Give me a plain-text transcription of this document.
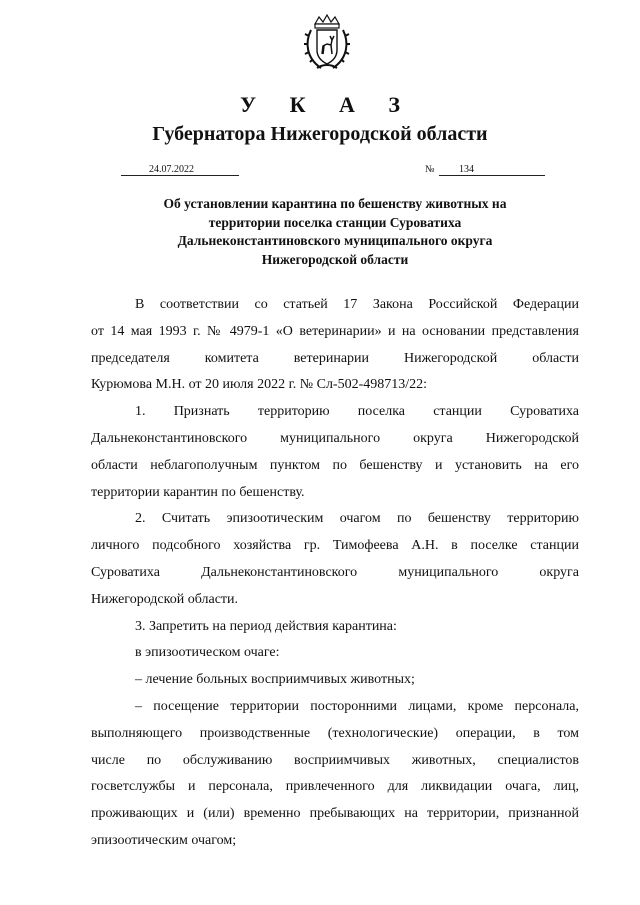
У К А З
Губернатора Нижегородской области
24.07.2022	№ 134
Об установлении карантина по бешенству животных на
территории поселка станции Суроватиха
Дальнеконстантиновского муниципального округа
Нижегородской области
В соответствии со статьей 17 Закона Российской Федерации
от 14 мая 1993 г. № 4979-1 «О ветеринарии» и на основании представления
председателя комитета ветеринарии Нижегородской области
Курюмова М.Н. от 20 июля 2022 г. № Сл-502-498713/22:
1. Признать территорию поселка станции Суроватиха
Дальнеконстантиновского муниципального округа Нижегородской
области неблагополучным пунктом по бешенству и установить на его
территории карантин по бешенству.
2. Считать эпизоотическим очагом по бешенству территорию
личного подсобного хозяйства гр. Тимофеева А.Н. в поселке станции
Суроватиха Дальнеконстантиновского муниципального округа
Нижегородской области.
3. Запретить на период действия карантина:
в эпизоотическом очаге:
– лечение больных восприимчивых животных;
– посещение территории посторонними лицами, кроме персонала,
выполняющего производственные (технологические) операции, в том
числе по обслуживанию восприимчивых животных, специалистов
госветслужбы и персонала, привлеченного для ликвидации очага, лиц,
проживающих и (или) временно пребывающих на территории, признанной
эпизоотическим очагом;
